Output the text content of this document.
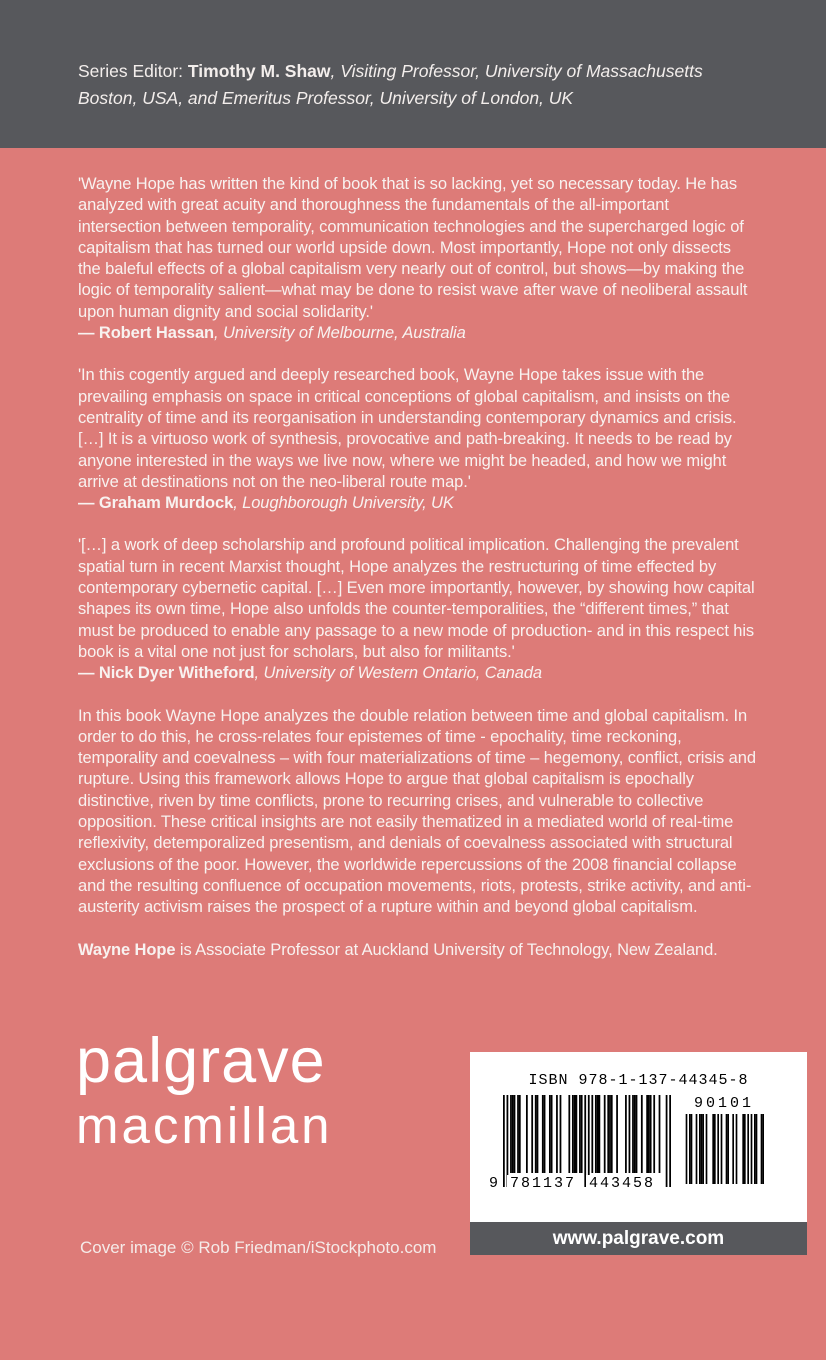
Series Editor: Timothy M. Shaw, Visiting Professor, University of Massachusetts Boston, USA, and Emeritus Professor, University of London, UK

'Wayne Hope has written the kind of book that is so lacking, yet so necessary today. He has analyzed with great acuity and thoroughness the fundamentals of the all-important intersection between temporality, communication technologies and the supercharged logic of capitalism that has turned our world upside down. Most importantly, Hope not only dissects the baleful effects of a global capitalism very nearly out of control, but shows—by making the logic of temporality salient—what may be done to resist wave after wave of neoliberal assault upon human dignity and social solidarity.'

— Robert Hassan, University of Melbourne, Australia

'In this cogently argued and deeply researched book, Wayne Hope takes issue with the prevailing emphasis on space in critical conceptions of global capitalism, and insists on the centrality of time and its reorganisation in understanding contemporary dynamics and crisis. […] It is a virtuoso work of synthesis, provocative and path-breaking. It needs to be read by anyone interested in the ways we live now, where we might be headed, and how we might arrive at destinations not on the neo-liberal route map.'

— Graham Murdock, Loughborough University, UK

'[…] a work of deep scholarship and profound political implication. Challenging the prevalent spatial turn in recent Marxist thought, Hope analyzes the restructuring of time effected by contemporary cybernetic capital. […] Even more importantly, however, by showing how capital shapes its own time, Hope also unfolds the counter-temporalities, the “different times,” that must be produced to enable any passage to a new mode of production- and in this respect his book is a vital one not just for scholars, but also for militants.'

— Nick Dyer Witheford, University of Western Ontario, Canada

In this book Wayne Hope analyzes the double relation between time and global capitalism. In order to do this, he cross-relates four epistemes of time - epochality, time reckoning, temporality and coevalness – with four materializations of time – hegemony, conflict, crisis and rupture. Using this framework allows Hope to argue that global capitalism is epochally distinctive, riven by time conflicts, prone to recurring crises, and vulnerable to collective opposition. These critical insights are not easily thematized in a mediated world of real-time reflexivity, detemporalized presentism, and denials of coevalness associated with structural exclusions of the poor. However, the worldwide repercussions of the 2008 financial collapse and the resulting confluence of occupation movements, riots, protests, strike activity, and anti-austerity activism raises the prospect of a rupture within and beyond global capitalism.

Wayne Hope is Associate Professor at Auckland University of Technology, New Zealand.

palgrave
macmillan
ISBN 978-1-137-44345-8
9 781137 443458
90101
www.palgrave.com
Cover image © Rob Friedman/iStockphoto.com
